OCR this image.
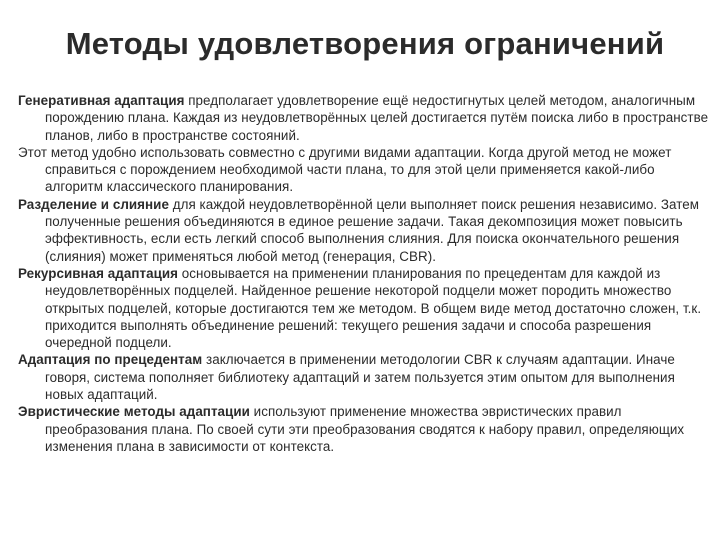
Методы удовлетворения ограничений

Генеративная адаптация предполагает удовлетворение ещё недостигнутых целей методом, аналогичным порождению плана. Каждая из неудовлетворённых целей достигается путём поиска либо в пространстве планов, либо в пространстве состояний.

Этот метод удобно использовать совместно с другими видами адаптации. Когда другой метод не может справиться с порождением необходимой части плана, то для этой цели применяется какой-либо алгоритм классического планирования.

Разделение и слияние для каждой неудовлетворённой цели выполняет поиск решения независимо. Затем полученные решения объединяются в единое решение задачи. Такая декомпозиция может повысить эффективность, если есть легкий способ выполнения слияния. Для поиска окончательного решения (слияния) может применяться любой метод (генерация, CBR).

Рекурсивная адаптация основывается на применении планирования по прецедентам для каждой из неудовлетворённых подцелей. Найденное решение некоторой подцели может породить множество открытых подцелей, которые достигаются тем же методом. В общем виде метод достаточно сложен, т.к. приходится выполнять объединение решений: текущего решения задачи и способа разрешения очередной подцели.

Адаптация по прецедентам заключается в применении методологии CBR к случаям адаптации. Иначе говоря, система пополняет библиотеку адаптаций и затем пользуется этим опытом для выполнения новых адаптаций.

Эвристические методы адаптации используют применение множества эвристических правил преобразования плана. По своей сути эти преобразования сводятся к набору правил, определяющих изменения плана в зависимости от контекста.
